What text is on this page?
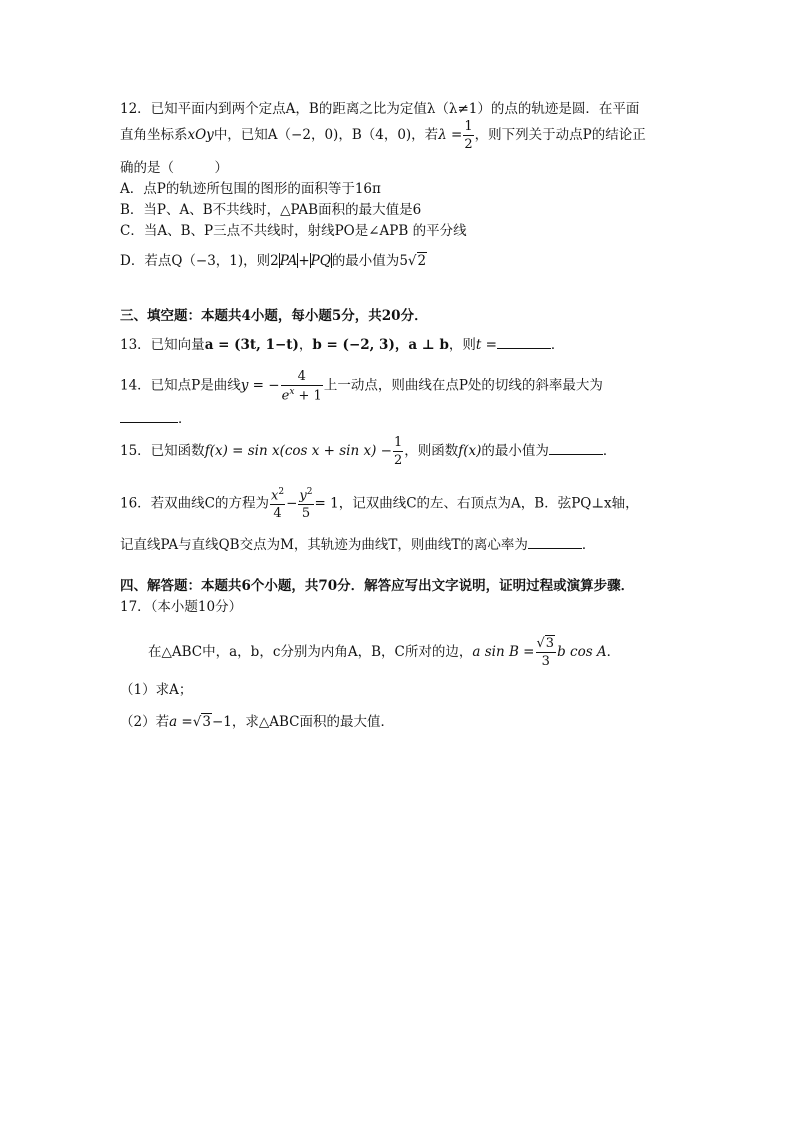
12．已知平面内到两个定点A，B的距离之比为定值λ（λ≠1）的点的轨迹是圆．在平面
直角坐标系xOy中，已知A（−2，0)，B（4，0)，若$\lambda = \frac{1}{2}$ ，则下列关于动点P的结论正
确的是（　　　）
A．点P的轨迹所包围的图形的面积等于16π
B．当P、A、B不共线时，△PAB面积的最大值是6
C．当A、B、P三点不共线时，射线PO是∠APB 的平分线
D．若点Q（−3，1)，则2PA+PQ的最小值为5√2
三、填空题：本题共4小题，每小题5分，共20分．
13．已知向量a = (3t, 1−t)，b = (−2, 3)，a ⊥ b，则t =	．
14．已知点P是曲线y = − $\frac{4}{e^x + 1}$ 上一动点，则曲线在点P处的切线的斜率最大为
．
15．已知函数f(x) = sin x(cos $x + \sin x) - \frac{1}{2}$ ，则函数f(x)的最小值为	．
16．若双曲线C的方程为 $\frac{x^2}{4} - \frac{y^2}{5} = 1$，记双曲线C的左、右顶点为A，B．弦PQ⊥x轴，
记直线PA与直线QB交点为M，其轨迹为曲线T，则曲线T的离心率为	．
四、解答题：本题共6个小题，共70分．解答应写出文字说明，证明过程或演算步骤．
17．（本小题10分）
在△ABC中，a，b，c分别为内角A，B，C所对的边，a $\sin B = \frac{√3}{3}$ b cos A．
（1）求A；
（2）若a =√3−1，求△ABC面积的最大值．
